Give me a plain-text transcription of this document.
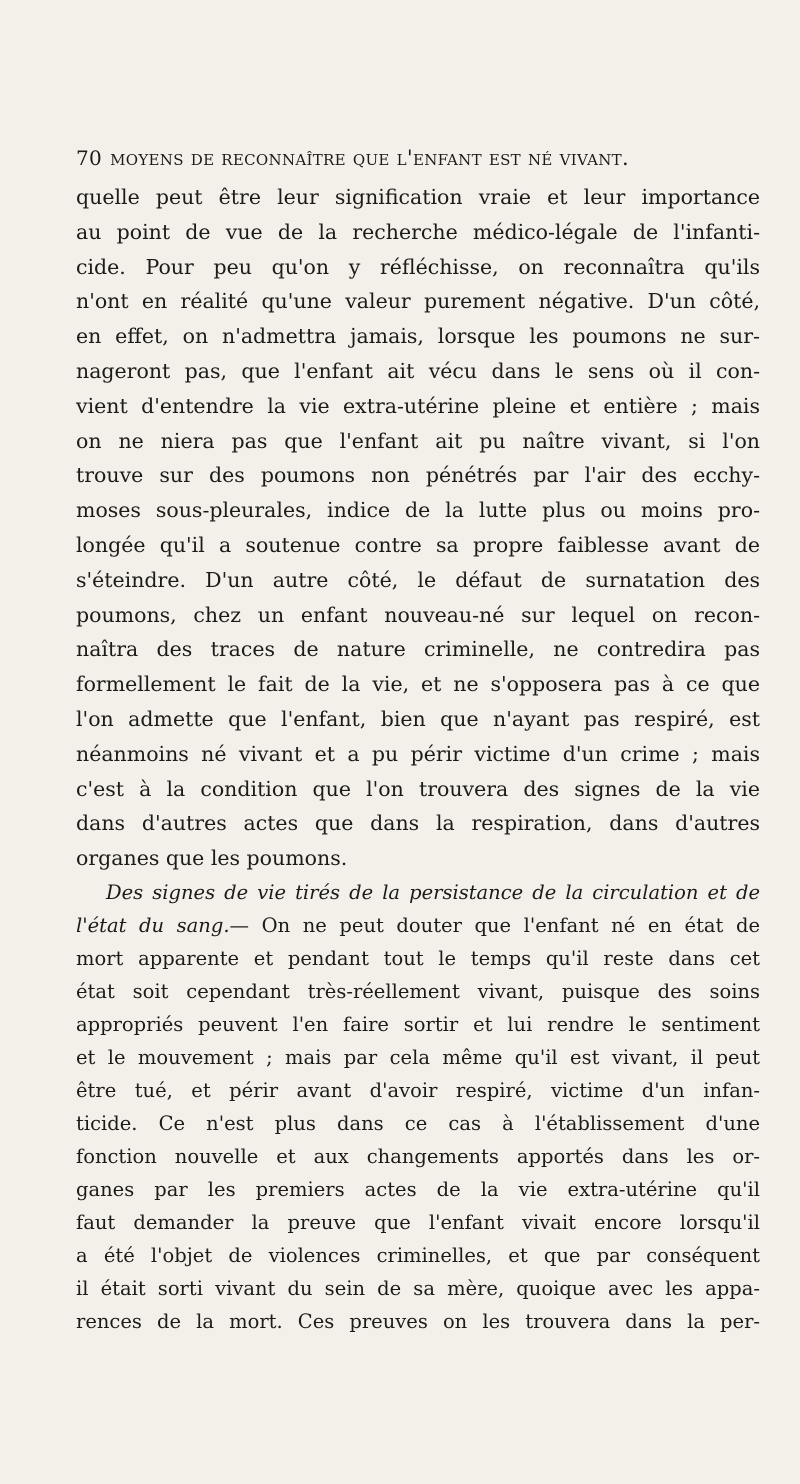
70 moyens de reconnaître que l'enfant est né vivant.
quelle peut être leur signification vraie et leur importance
au point de vue de la recherche médico-légale de l'infanti-
cide. Pour peu qu'on y réfléchisse, on reconnaîtra qu'ils
n'ont en réalité qu'une valeur purement négative. D'un côté,
en effet, on n'admettra jamais, lorsque les poumons ne sur-
nageront pas, que l'enfant ait vécu dans le sens où il con-
vient d'entendre la vie extra-utérine pleine et entière ; mais
on ne niera pas que l'enfant ait pu naître vivant, si l'on
trouve sur des poumons non pénétrés par l'air des ecchy-
moses sous-pleurales, indice de la lutte plus ou moins pro-
longée qu'il a soutenue contre sa propre faiblesse avant de
s'éteindre. D'un autre côté, le défaut de surnatation des
poumons, chez un enfant nouveau-né sur lequel on recon-
naîtra des traces de nature criminelle, ne contredira pas
formellement le fait de la vie, et ne s'opposera pas à ce que
l'on admette que l'enfant, bien que n'ayant pas respiré, est
néanmoins né vivant et a pu périr victime d'un crime ; mais
c'est à la condition que l'on trouvera des signes de la vie
dans d'autres actes que dans la respiration, dans d'autres
organes que les poumons.
Des signes de vie tirés de la persistance de la circulation et de
l'état du sang.— On ne peut douter que l'enfant né en état de
mort apparente et pendant tout le temps qu'il reste dans cet
état soit cependant très-réellement vivant, puisque des soins
appropriés peuvent l'en faire sortir et lui rendre le sentiment
et le mouvement ; mais par cela même qu'il est vivant, il peut
être tué, et périr avant d'avoir respiré, victime d'un infan-
ticide. Ce n'est plus dans ce cas à l'établissement d'une
fonction nouvelle et aux changements apportés dans les or-
ganes par les premiers actes de la vie extra-utérine qu'il
faut demander la preuve que l'enfant vivait encore lorsqu'il
a été l'objet de violences criminelles, et que par conséquent
il était sorti vivant du sein de sa mère, quoique avec les appa-
rences de la mort. Ces preuves on les trouvera dans la per-
